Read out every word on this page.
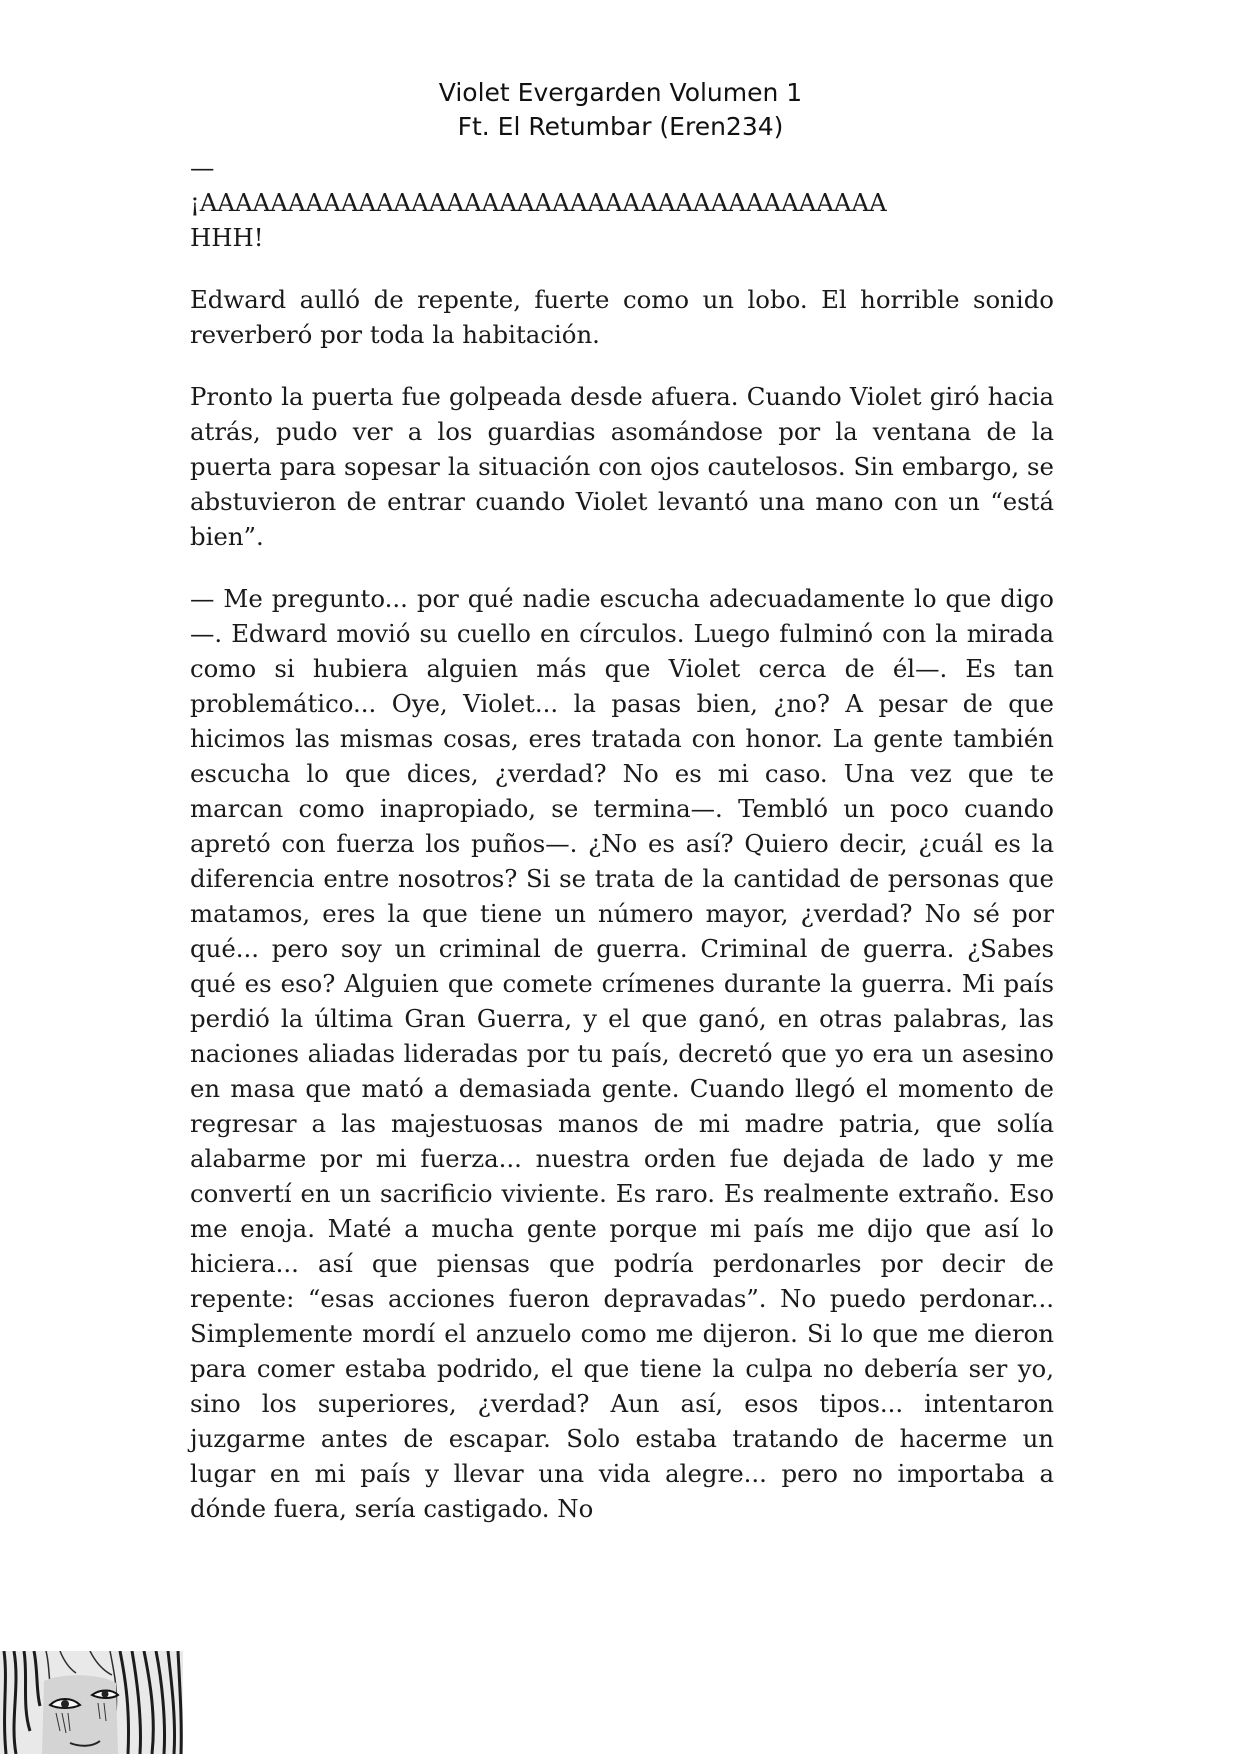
Violet Evergarden Volumen 1
Ft. El Retumbar (Eren234)
—
¡AAAAAAAAAAAAAAAAAAAAAAAAAAAAAAAAAAAAAAA
HHH!

Edward aulló de repente, fuerte como un lobo. El horrible sonido reverberó por toda la habitación.

Pronto la puerta fue golpeada desde afuera. Cuando Violet giró hacia atrás, pudo ver a los guardias asomándose por la ventana de la puerta para sopesar la situación con ojos cautelosos. Sin embargo, se abstuvieron de entrar cuando Violet levantó una mano con un “está bien”.

— Me pregunto... por qué nadie escucha adecuadamente lo que digo—. Edward movió su cuello en círculos. Luego fulminó con la mirada como si hubiera alguien más que Violet cerca de él—. Es tan problemático... Oye, Violet... la pasas bien, ¿no? A pesar de que hicimos las mismas cosas, eres tratada con honor. La gente también escucha lo que dices, ¿verdad? No es mi caso. Una vez que te marcan como inapropiado, se termina—. Tembló un poco cuando apretó con fuerza los puños—. ¿No es así? Quiero decir, ¿cuál es la diferencia entre nosotros? Si se trata de la cantidad de personas que matamos, eres la que tiene un número mayor, ¿verdad? No sé por qué... pero soy un criminal de guerra. Criminal de guerra. ¿Sabes qué es eso? Alguien que comete crímenes durante la guerra. Mi país perdió la última Gran Guerra, y el que ganó, en otras palabras, las naciones aliadas lideradas por tu país, decretó que yo era un asesino en masa que mató a demasiada gente. Cuando llegó el momento de regresar a las majestuosas manos de mi madre patria, que solía alabarme por mi fuerza... nuestra orden fue dejada de lado y me convertí en un sacrificio viviente. Es raro. Es realmente extraño. Eso me enoja. Maté a mucha gente porque mi país me dijo que así lo hiciera... así que piensas que podría perdonarles por decir de repente: “esas acciones fueron depravadas”. No puedo perdonar... Simplemente mordí el anzuelo como me dijeron. Si lo que me dieron para comer estaba podrido, el que tiene la culpa no debería ser yo, sino los superiores, ¿verdad? Aun así, esos tipos... intentaron juzgarme antes de escapar. Solo estaba tratando de hacerme un lugar en mi país y llevar una vida alegre... pero no importaba a dónde fuera, sería castigado. No
